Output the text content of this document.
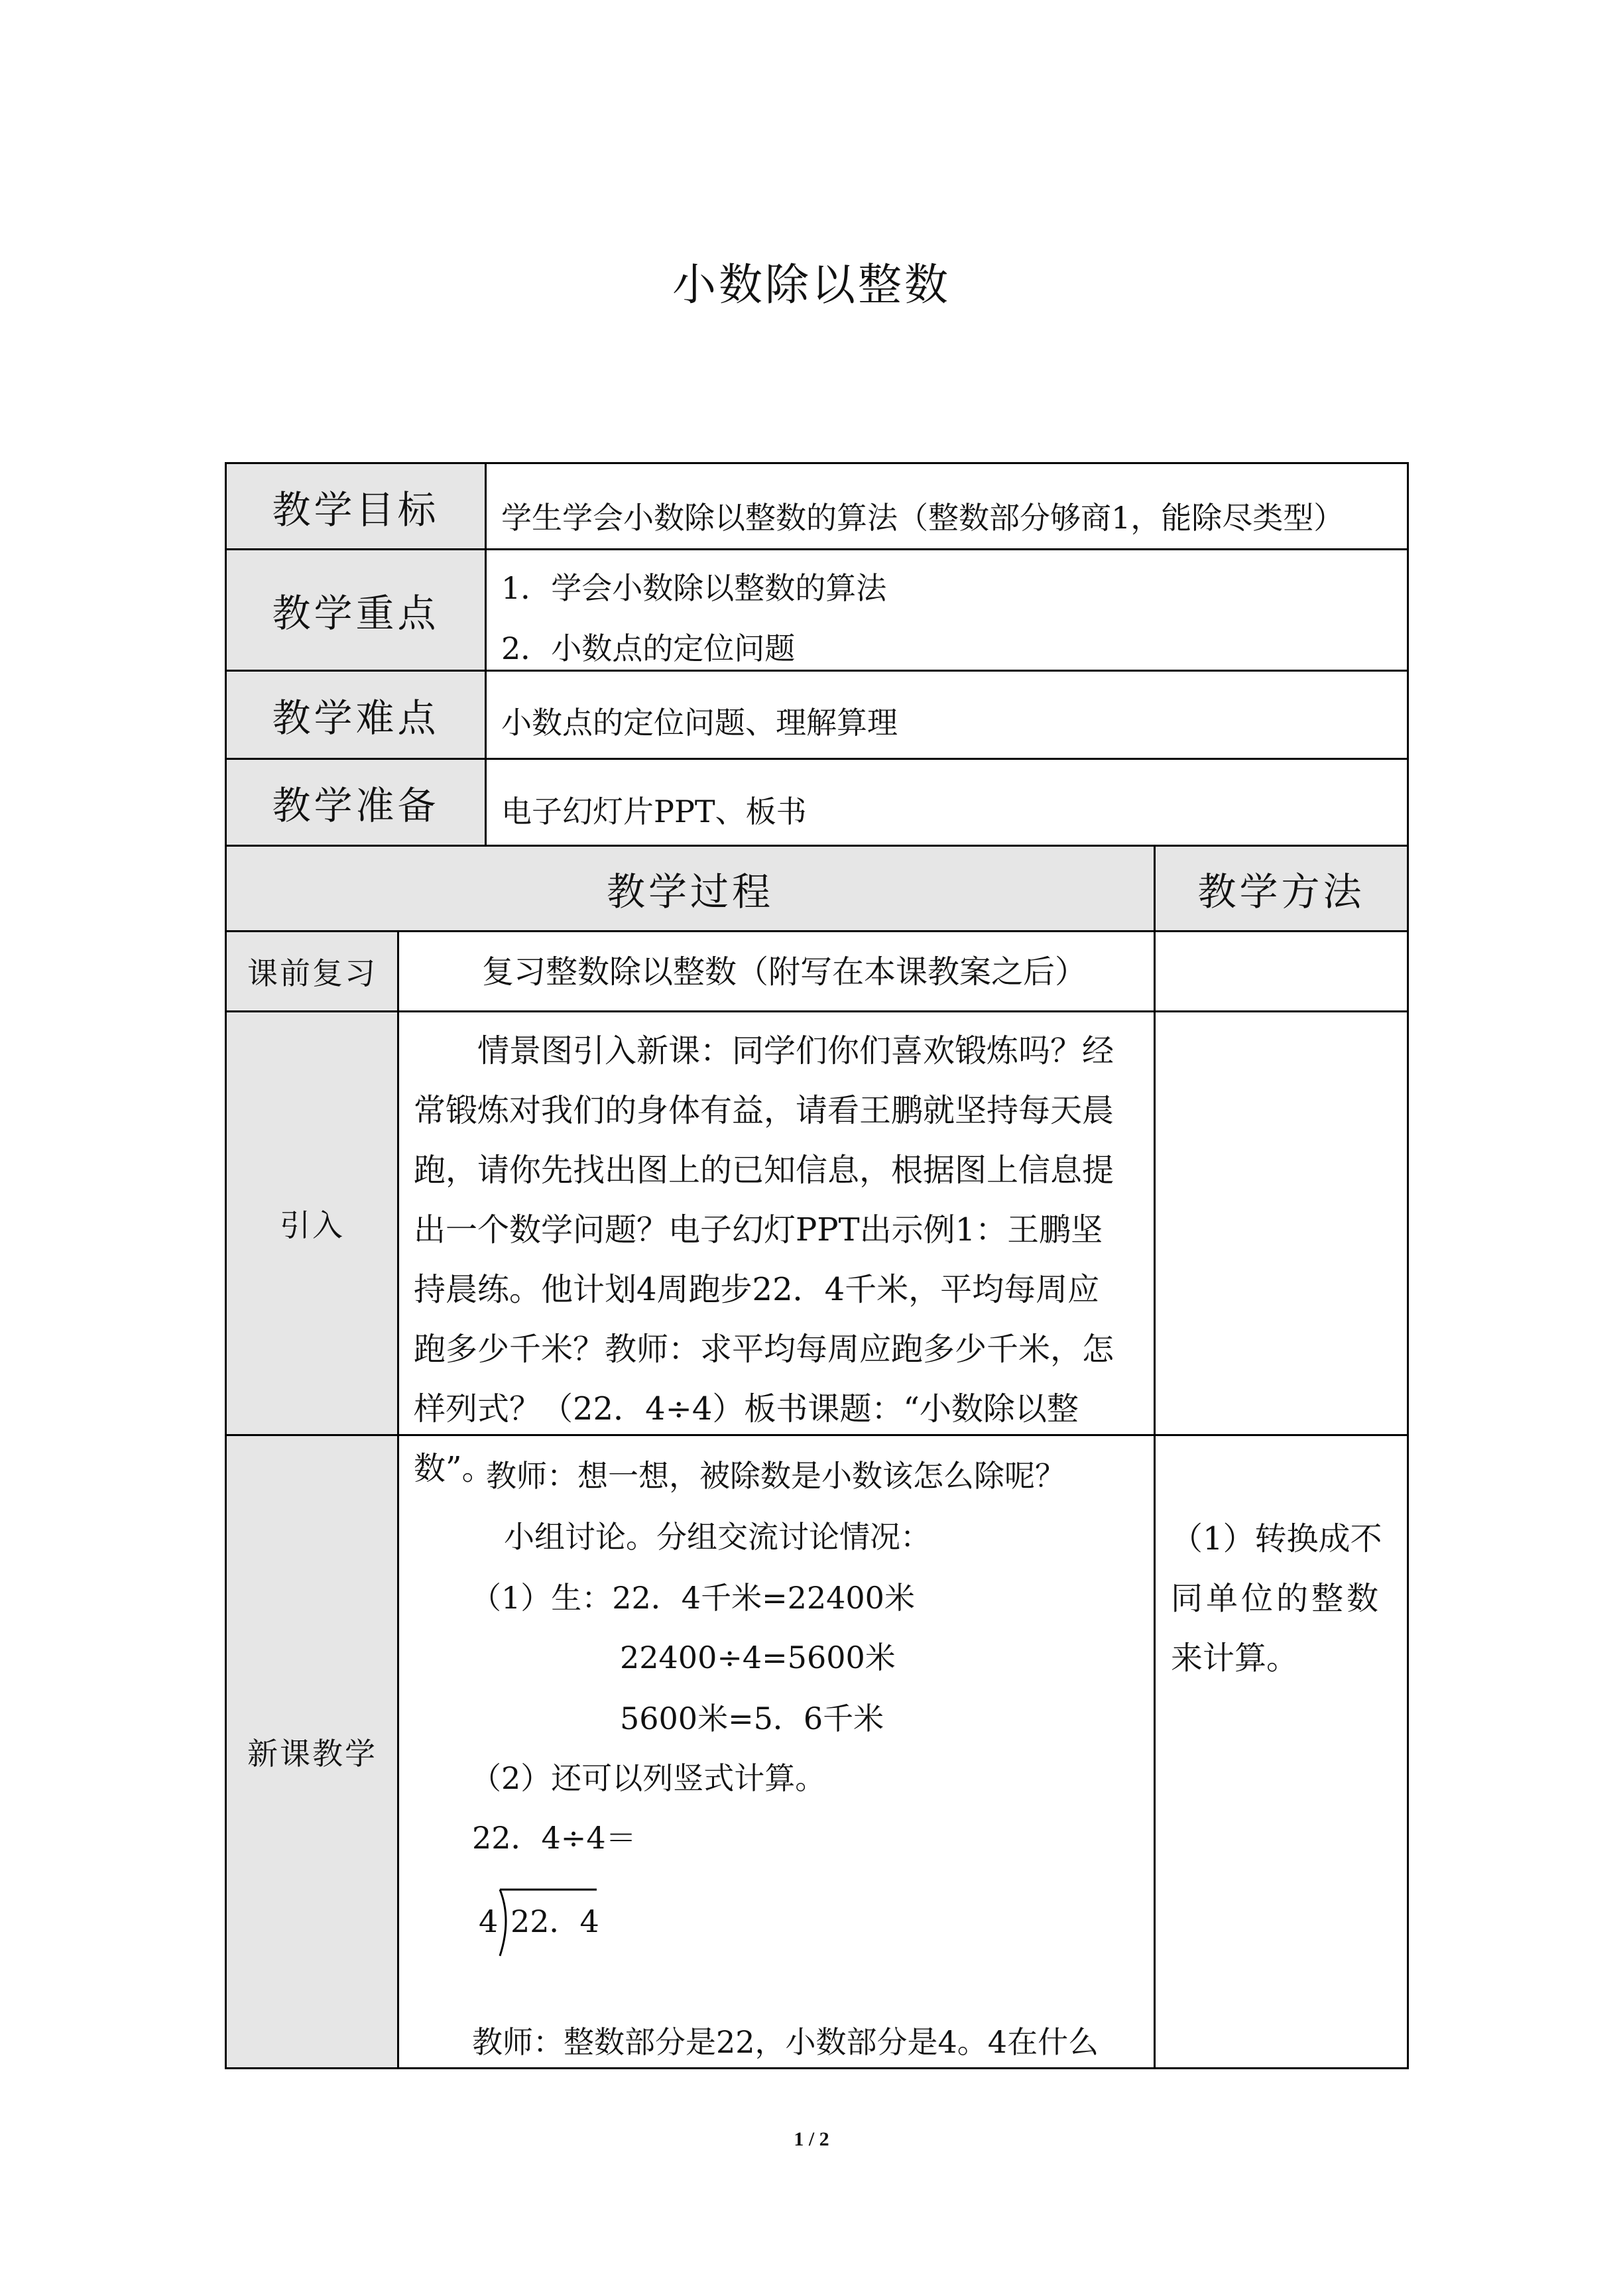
小数除以整数
教学目标
教学重点
教学难点
教学准备
教学过程	教学方法
学生学会小数除以整数的算法（整数部分够商1，能除尽类型）
1．学会小数除以整数的算法
2．小数点的定位问题
小数点的定位问题、理解算理
电子幻灯片PPT、板书
课前复习	复习整数除以整数（附写在本课教案之后）
引入
　　情景图引入新课：同学们你们喜欢锻炼吗？经
常锻炼对我们的身体有益，请看王鹏就坚持每天晨
跑，请你先找出图上的已知信息，根据图上信息提
出一个数学问题？电子幻灯PPT出示例1：王鹏坚
持晨练。他计划4周跑步22．4千米，平均每周应
跑多少千米？教师：求平均每周应跑多少千米，怎
样列式？（22．4÷4）板书课题：“小数除以整数”。
新课教学
教师：想一想，被除数是小数该怎么除呢？
小组讨论。分组交流讨论情况：
（1）生：22．4千米=22400米
22400÷4=5600米
5600米=5．6千米
（2）还可以列竖式计算。
22．4÷4＝
4 22．4
教师：整数部分是22，小数部分是4。4在什么
（1）转换成不
同单位的整数
来计算。
1 / 2
